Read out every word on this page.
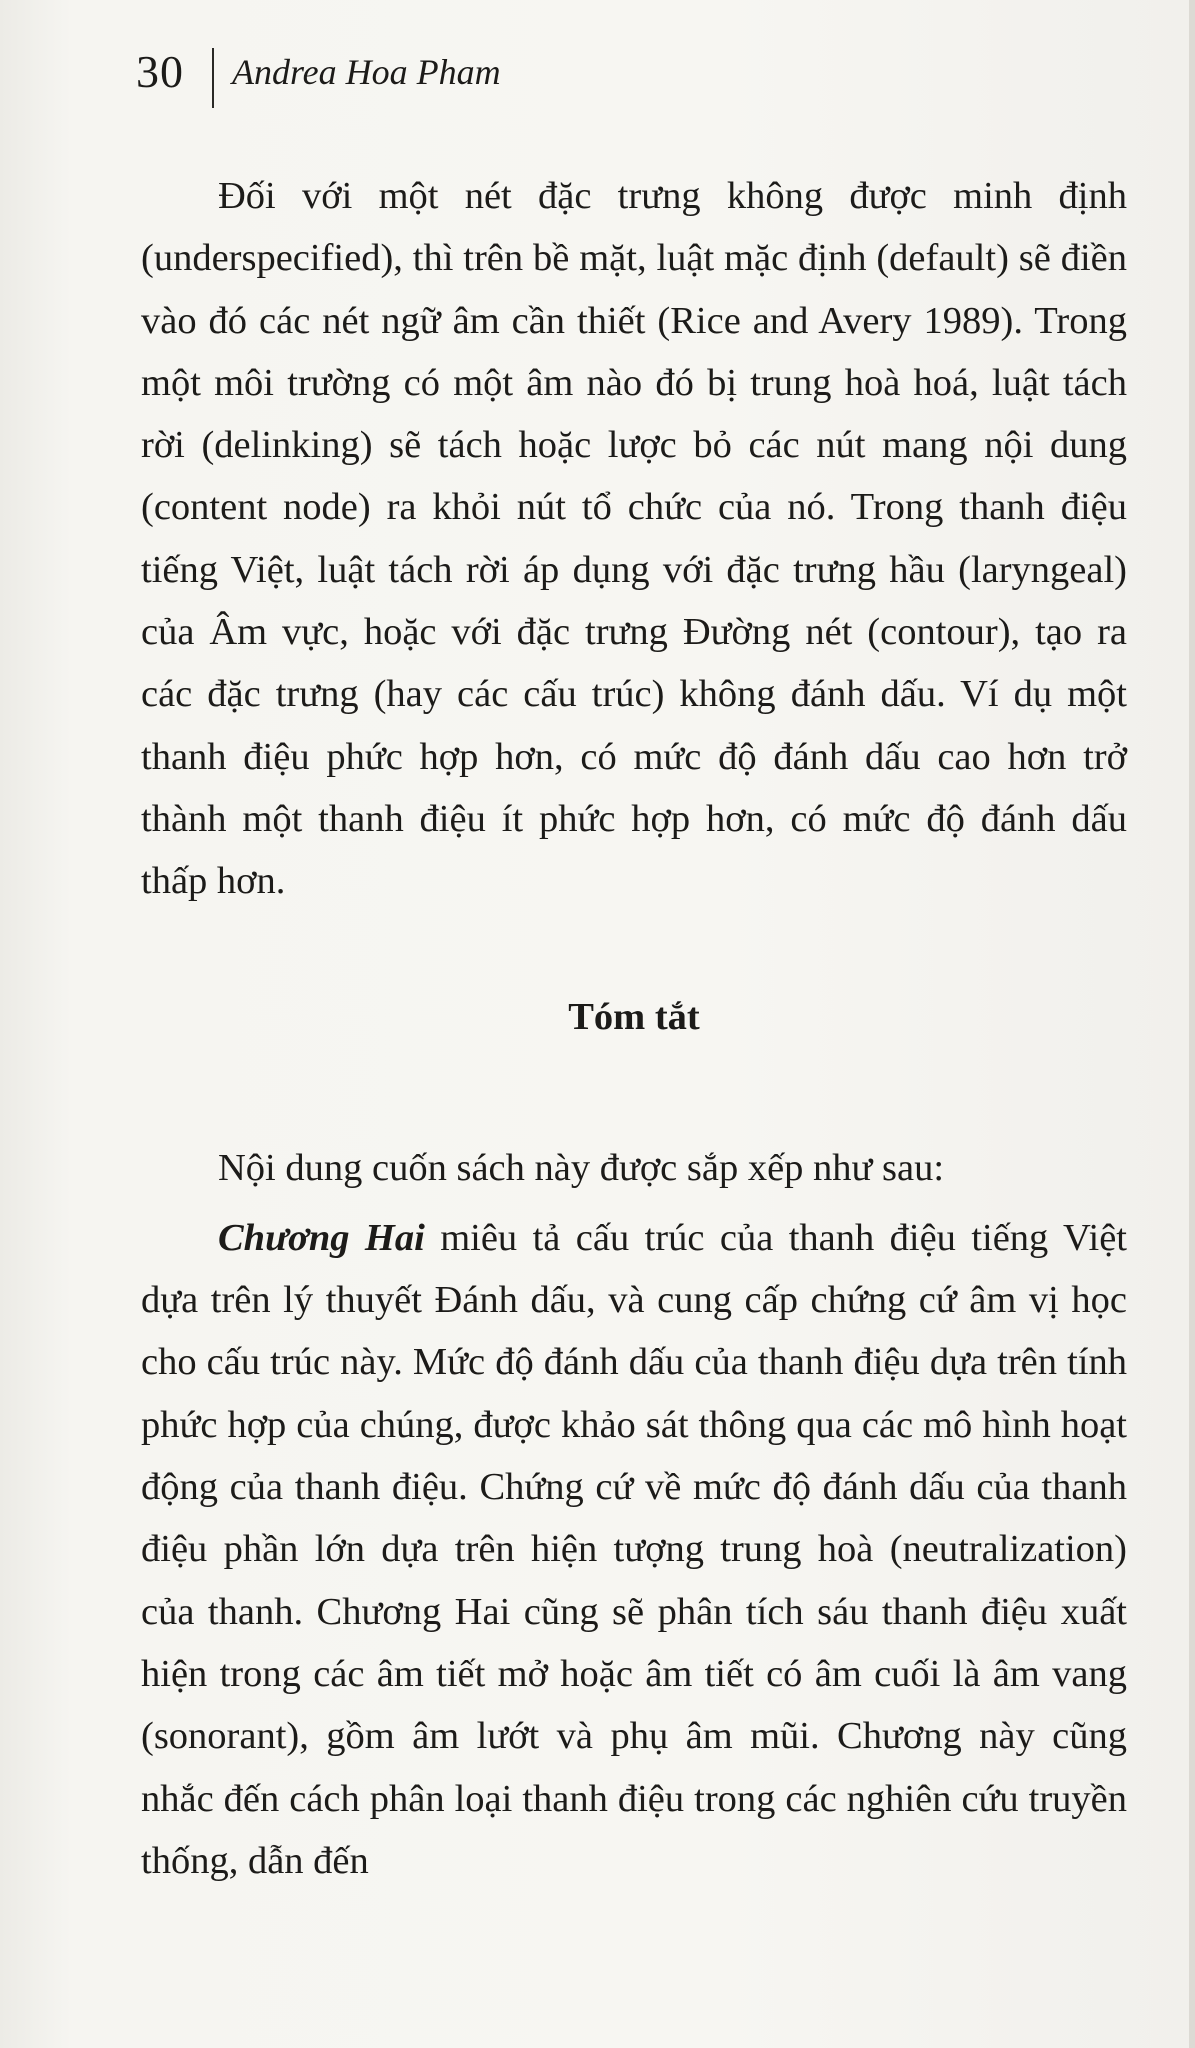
30 Andrea Hoa Pham

Đối với một nét đặc trưng không được minh định (underspecified), thì trên bề mặt, luật mặc định (default) sẽ điền vào đó các nét ngữ âm cần thiết (Rice and Avery 1989). Trong một môi trường có một âm nào đó bị trung hoà hoá, luật tách rời (delinking) sẽ tách hoặc lược bỏ các nút mang nội dung (content node) ra khỏi nút tổ chức của nó. Trong thanh điệu tiếng Việt, luật tách rời áp dụng với đặc trưng hầu (laryngeal) của Âm vực, hoặc với đặc trưng Đường nét (contour), tạo ra các đặc trưng (hay các cấu trúc) không đánh dấu. Ví dụ một thanh điệu phức hợp hơn, có mức độ đánh dấu cao hơn trở thành một thanh điệu ít phức hợp hơn, có mức độ đánh dấu thấp hơn.

Tóm tắt

Nội dung cuốn sách này được sắp xếp như sau:

Chương Hai miêu tả cấu trúc của thanh điệu tiếng Việt dựa trên lý thuyết Đánh dấu, và cung cấp chứng cứ âm vị học cho cấu trúc này. Mức độ đánh dấu của thanh điệu dựa trên tính phức hợp của chúng, được khảo sát thông qua các mô hình hoạt động của thanh điệu. Chứng cứ về mức độ đánh dấu của thanh điệu phần lớn dựa trên hiện tượng trung hoà (neutralization) của thanh. Chương Hai cũng sẽ phân tích sáu thanh điệu xuất hiện trong các âm tiết mở hoặc âm tiết có âm cuối là âm vang (sonorant), gồm âm lướt và phụ âm mũi. Chương này cũng nhắc đến cách phân loại thanh điệu trong các nghiên cứu truyền thống, dẫn đến
